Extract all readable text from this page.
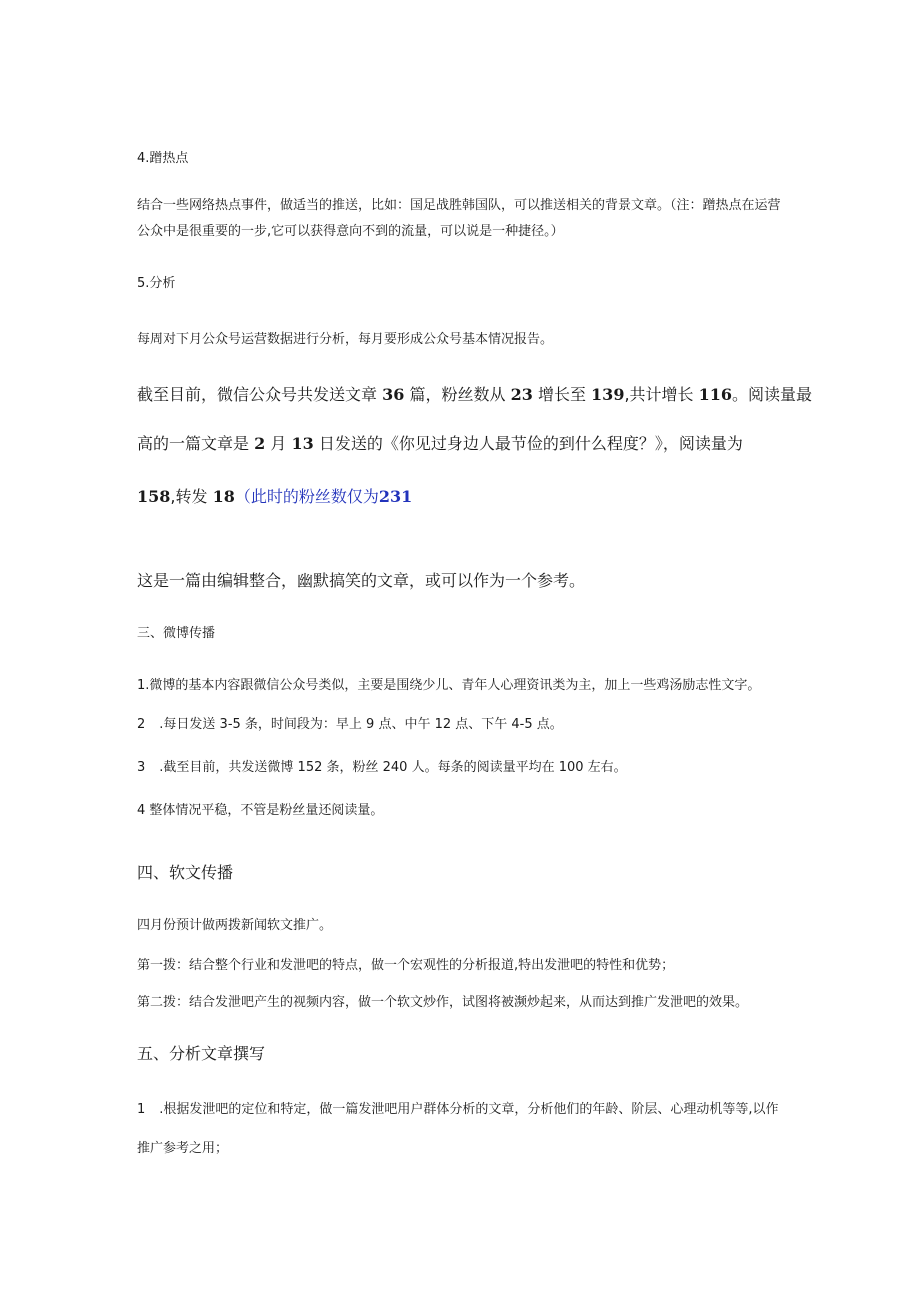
4.蹭热点

结合一些网络热点事件，做适当的推送，比如：国足战胜韩国队，可以推送相关的背景文章。（注：蹭热点在运营公众中是很重要的一步,它可以获得意向不到的流量，可以说是一种捷径。）

5.分析

每周对下月公众号运营数据进行分析，每月要形成公众号基本情况报告。

截至目前，微信公众号共发送文章 36 篇，粉丝数从 23 增长至 139,共计增长 116。阅读量最

高的一篇文章是 2 月 13 日发送的《你见过身边人最节俭的到什么程度？》，阅读量为

158,转发 18（此时的粉丝数仅为231

这是一篇由编辑整合，幽默搞笑的文章，或可以作为一个参考。

三、微博传播

1.微博的基本内容跟微信公众号类似，主要是围绕少儿、青年人心理资讯类为主，加上一些鸡汤励志性文字。

2 .每日发送 3-5 条，时间段为：早上 9 点、中午 12 点、下午 4-5 点。

3 .截至目前，共发送微博 152 条，粉丝 240 人。每条的阅读量平均在 100 左右。

4 整体情况平稳，不管是粉丝量还阅读量。

四、软文传播

四月份预计做两拨新闻软文推广。

第一拨：结合整个行业和发泄吧的特点，做一个宏观性的分析报道,特出发泄吧的特性和优势；

第二拨：结合发泄吧产生的视频内容，做一个软文炒作，试图将被濒炒起来，从而达到推广发泄吧的效果。

五、分析文章撰写

1 .根据发泄吧的定位和特定，做一篇发泄吧用户群体分析的文章，分析他们的年龄、阶层、心理动机等等,以作

推广参考之用；
